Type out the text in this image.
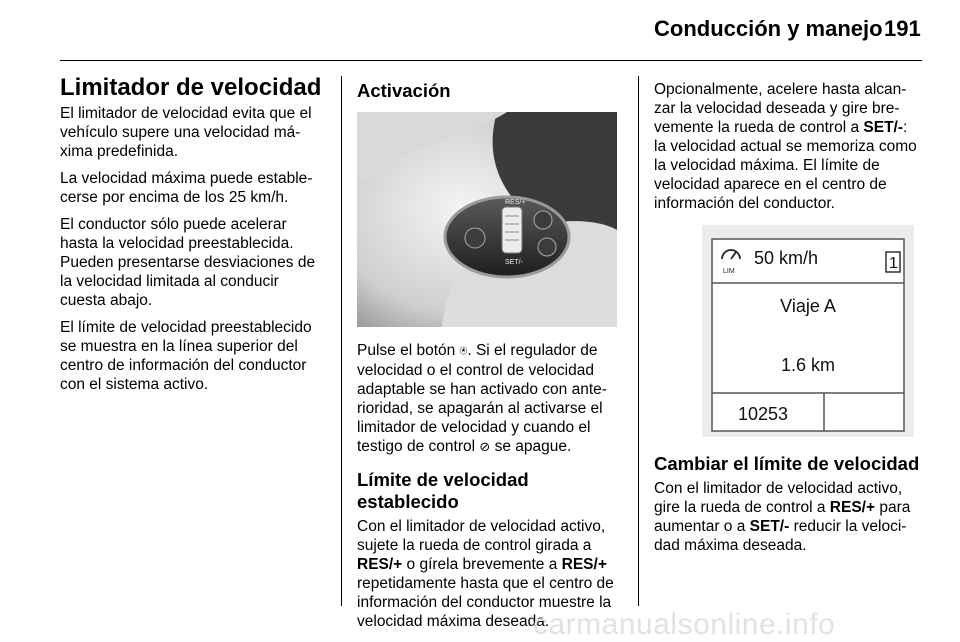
Conducción y manejo 191
Limitador de velocidad

El limitador de velocidad evita que el vehículo supere una velocidad má-xima predefinida.

La velocidad máxima puede estable-cerse por encima de los 25 km/h.

El conductor sólo puede acelerar hasta la velocidad preestablecida. Pueden presentarse desviaciones de la velocidad limitada al conducir cuesta abajo.

El límite de velocidad preestablecido se muestra en la línea superior del centro de información del conductor con el sistema activo.

Activación
RES/+
SET/-

Pulse el botón ⍟. Si el regulador de velocidad o el control de velocidad adaptable se han activado con ante-rioridad, se apagarán al activarse el limitador de velocidad y cuando el testigo de control ⊘ se apague.

Límite de velocidad establecido

Con el limitador de velocidad activo, sujete la rueda de control girada a RES/+ o gírela brevemente a RES/+ repetidamente hasta que el centro de información del conductor muestre la velocidad máxima deseada.

Opcionalmente, acelere hasta alcan-zar la velocidad deseada y gire bre-vemente la rueda de control a SET/-: la velocidad actual se memoriza como la velocidad máxima. El límite de velocidad aparece en el centro de información del conductor.

LIM
50 km/h	1
Viaje A
1.6 km
10253
Cambiar el límite de velocidad

Con el limitador de velocidad activo, gire la rueda de control a RES/+ para aumentar o a SET/- reducir la veloci-dad máxima deseada.

carmanualsonline.info
